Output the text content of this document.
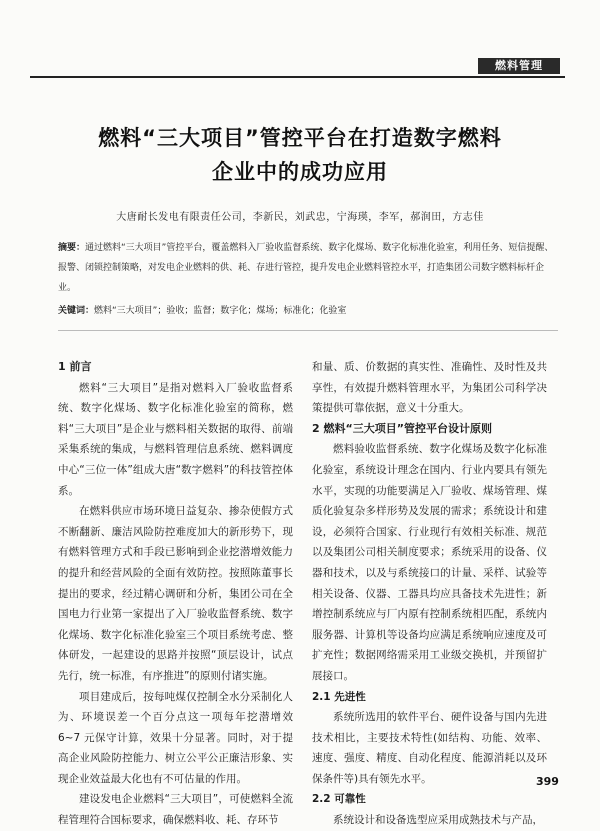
燃料管理
燃料“三大项目”管控平台在打造数字燃料
企业中的成功应用
大唐耐长发电有限责任公司，李新民，刘武忠，宁海瑛，李军，郝润田，方志佳
摘要：通过燃料“三大项目”管控平台，覆盖燃料入厂验收监督系统、数字化煤场、数字化标准化验室，利用任务、短信提醒、报警、闭锁控制策略，对发电企业燃料的供、耗、存进行管控，提升发电企业燃料管控水平，打造集团公司数字燃料标杆企业。
关键词：燃料“三大项目”；验收；监督；数字化；煤场；标准化；化验室

1 前言

燃料“三大项目”是指对燃料入厂验收监督系统、数字化煤场、数字化标准化验室的简称，燃料“三大项目”是企业与燃料相关数据的取得、前端采集系统的集成，与燃料管理信息系统、燃料调度中心“三位一体”组成大唐“数字燃料”的科技管控体系。

在燃料供应市场环境日益复杂、掺杂使假方式不断翻新、廉洁风险防控难度加大的新形势下，现有燃料管理方式和手段已影响到企业挖潜增效能力的提升和经营风险的全面有效防控。按照陈董事长提出的要求，经过精心调研和分析，集团公司在全国电力行业第一家提出了入厂验收监督系统、数字化煤场、数字化标准化验室三个项目系统考虑、整体研发，一起建设的思路并按照“顶层设计，试点先行，统一标准，有序推进”的原则付诸实施。

项目建成后，按每吨煤仅控制全水分采制化人为、环境误差一个百分点这一项每年挖潜增效 6~7 元保守计算，效果十分显著。同时，对于提高企业风险防控能力、树立公平公正廉洁形象、实现企业效益最大化也有不可估量的作用。

建设发电企业燃料“三大项目”，可使燃料全流程管理符合国标要求，确保燃料收、耗、存环节

和量、质、价数据的真实性、准确性、及时性及共享性，有效提升燃料管理水平，为集团公司科学决策提供可靠依据，意义十分重大。

2 燃料“三大项目”管控平台设计原则

燃料验收监督系统、数字化煤场及数字化标准化验室，系统设计理念在国内、行业内要具有领先水平，实现的功能要满足入厂验收、煤场管理、煤质化验复杂多样形势及发展的需求；系统设计和建设，必须符合国家、行业现行有效相关标准、规范以及集团公司相关制度要求；系统采用的设备、仪器和技术，以及与系统接口的计量、采样、试验等相关设备、仪器、工器具均应具备技术先进性；新增控制系统应与厂内原有控制系统相匹配，系统内服务器、计算机等设备均应满足系统响应速度及可扩充性；数据网络需采用工业级交换机，并预留扩展接口。

2.1 先进性

系统所选用的软件平台、硬件设备与国内先进技术相比，主要技术特性(如结构、功能、效率、速度、强度、精度、自动化程度、能源消耗以及环保条件等)具有领先水平。

2.2 可靠性

系统设计和设备选型应采用成熟技术与产品，

399
